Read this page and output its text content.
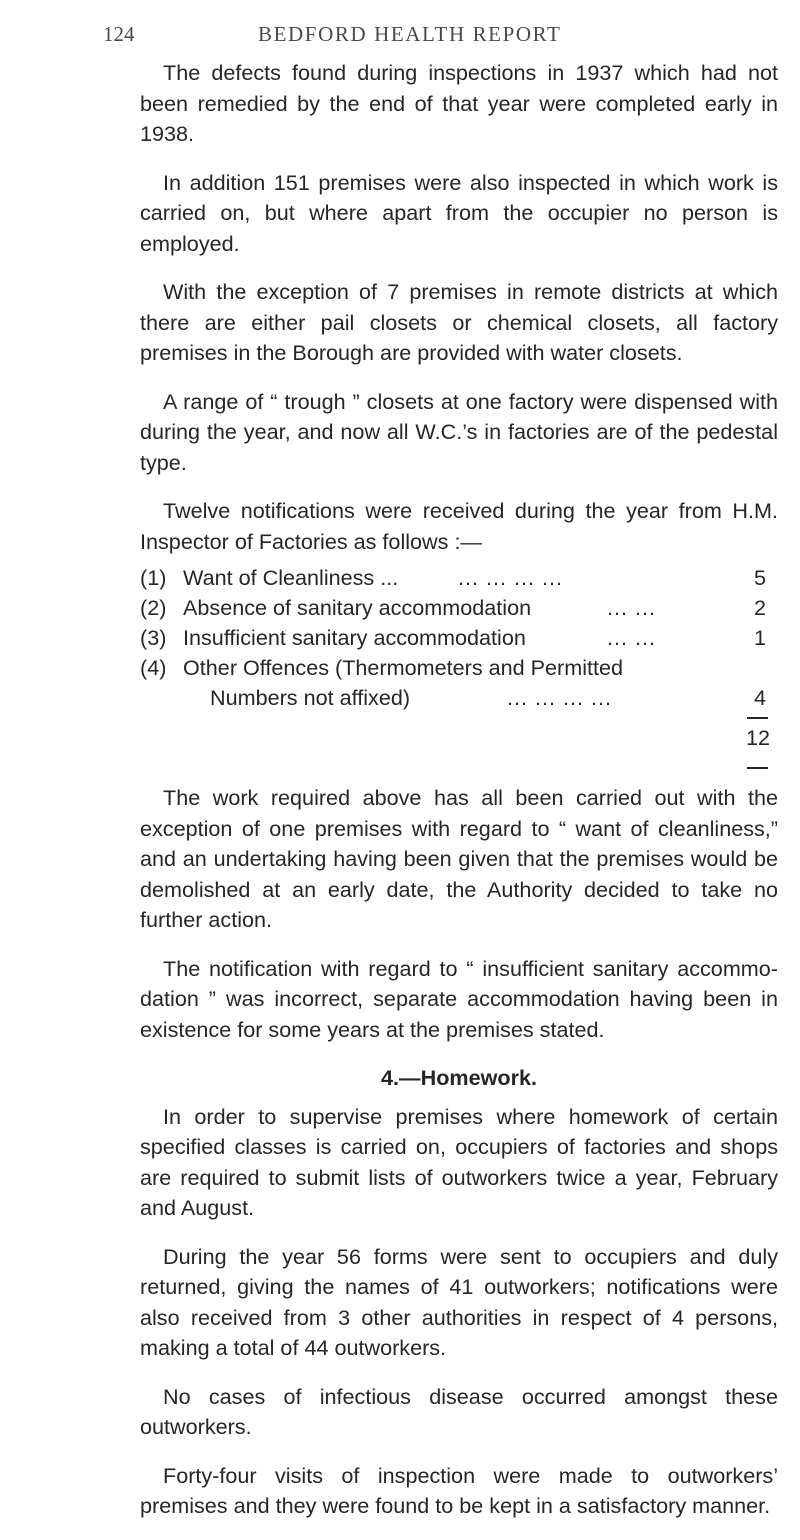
124	BEDFORD HEALTH REPORT

The defects found during inspections in 1937 which had not been remedied by the end of that year were completed early in 1938.

In addition 151 premises were also inspected in which work is carried on, but where apart from the occupier no person is employed.

With the exception of 7 premises in remote districts at which there are either pail closets or chemical closets, all factory premises in the Borough are provided with water closets.

A range of “ trough ” closets at one factory were dispensed with during the year, and now all W.C.’s in factories are of the pedestal type.

Twelve notifications were received during the year from H.M. Inspector of Factories as follows :—

(1) Want of Cleanliness ...	... ... ... ...	5
(2) Absence of sanitary accommodation	... ...	2
(3) Insufficient sanitary accommodation	... ...	1
(4) Other Offences (Thermometers and Permitted
Numbers not affixed)	... ... ... ...	4
12

The work required above has all been carried out with the exception of one premises with regard to “ want of cleanliness,” and an undertaking having been given that the premises would be demolished at an early date, the Authority decided to take no further action.

The notification with regard to “ insufficient sanitary accommo- dation ” was incorrect, separate accommodation having been in existence for some years at the premises stated.

4.—Homework.

In order to supervise premises where homework of certain specified classes is carried on, occupiers of factories and shops are required to submit lists of outworkers twice a year, February and August.

During the year 56 forms were sent to occupiers and duly returned, giving the names of 41 outworkers; notifications were also received from 3 other authorities in respect of 4 persons, making a total of 44 outworkers.

No cases of infectious disease occurred amongst these outworkers.

Forty-four visits of inspection were made to outworkers’ premises and they were found to be kept in a satisfactory manner.
